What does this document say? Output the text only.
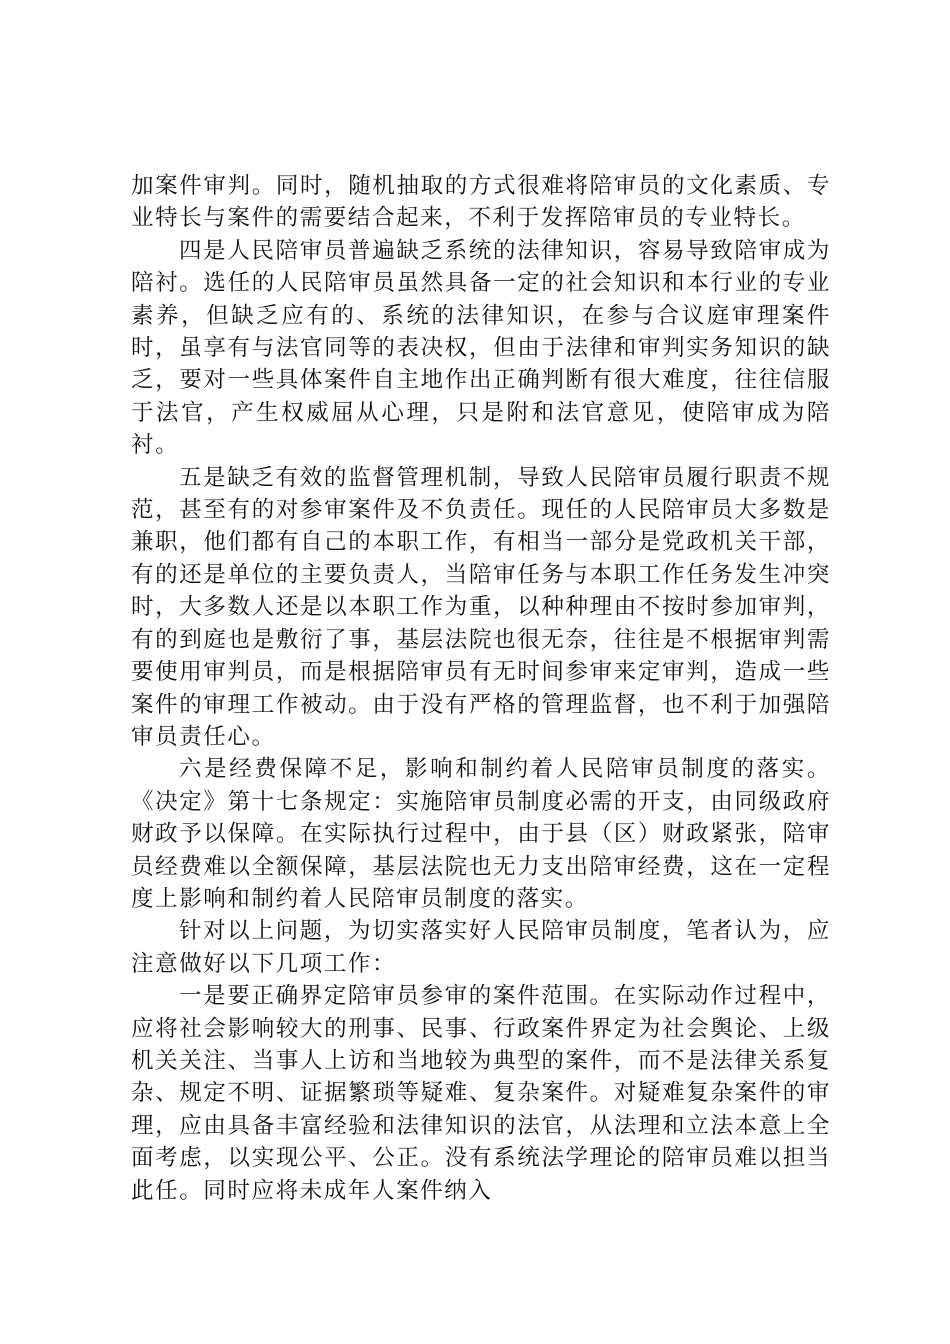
加案件审判。同时，随机抽取的方式很难将陪审员的文化素质、专业特长与案件的需要结合起来，不利于发挥陪审员的专业特长。

四是人民陪审员普遍缺乏系统的法律知识，容易导致陪审成为陪衬。选任的人民陪审员虽然具备一定的社会知识和本行业的专业素养，但缺乏应有的、系统的法律知识，在参与合议庭审理案件时，虽享有与法官同等的表决权，但由于法律和审判实务知识的缺乏，要对一些具体案件自主地作出正确判断有很大难度，往往信服于法官，产生权威屈从心理，只是附和法官意见，使陪审成为陪衬。

五是缺乏有效的监督管理机制，导致人民陪审员履行职责不规范，甚至有的对参审案件及不负责任。现任的人民陪审员大多数是兼职，他们都有自己的本职工作，有相当一部分是党政机关干部，有的还是单位的主要负责人，当陪审任务与本职工作任务发生冲突时，大多数人还是以本职工作为重，以种种理由不按时参加审判，有的到庭也是敷衍了事，基层法院也很无奈，往往是不根据审判需要使用审判员，而是根据陪审员有无时间参审来定审判，造成一些案件的审理工作被动。由于没有严格的管理监督，也不利于加强陪审员责任心。

六是经费保障不足，影响和制约着人民陪审员制度的落实。《决定》第十七条规定：实施陪审员制度必需的开支，由同级政府财政予以保障。在实际执行过程中，由于县（区）财政紧张，陪审员经费难以全额保障，基层法院也无力支出陪审经费，这在一定程度上影响和制约着人民陪审员制度的落实。

针对以上问题，为切实落实好人民陪审员制度，笔者认为，应注意做好以下几项工作：

一是要正确界定陪审员参审的案件范围。在实际动作过程中，应将社会影响较大的刑事、民事、行政案件界定为社会舆论、上级机关关注、当事人上访和当地较为典型的案件，而不是法律关系复杂、规定不明、证据繁琐等疑难、复杂案件。对疑难复杂案件的审理，应由具备丰富经验和法律知识的法官，从法理和立法本意上全面考虑，以实现公平、公正。没有系统法学理论的陪审员难以担当此任。同时应将未成年人案件纳入
